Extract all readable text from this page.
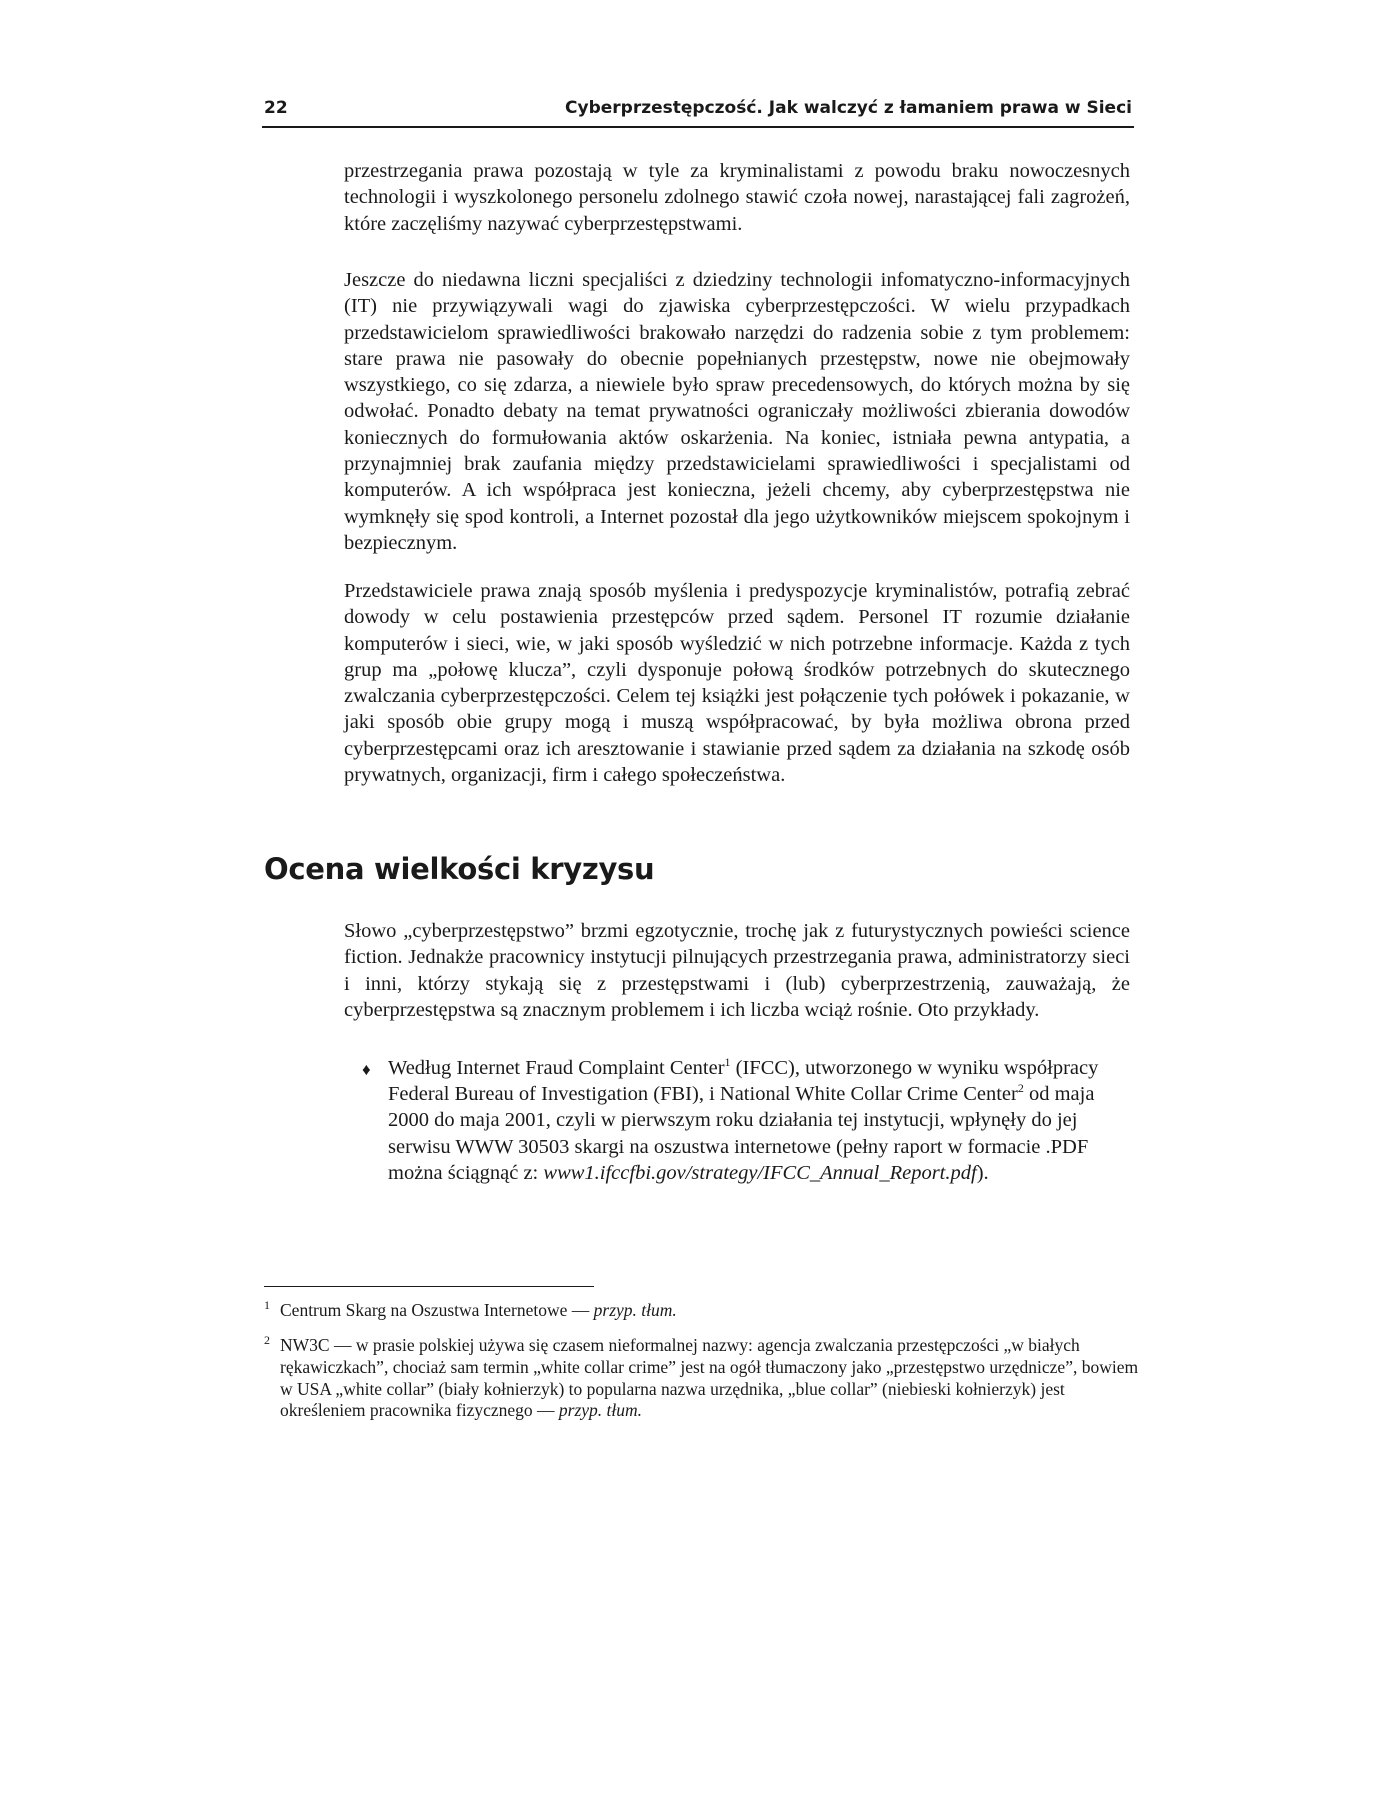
22	Cyberprzestępczość. Jak walczyć z łamaniem prawa w Sieci

przestrzegania prawa pozostają w tyle za kryminalistami z powodu braku nowoczesnych technologii i wyszkolonego personelu zdolnego stawić czoła nowej, narastającej fali zagrożeń, które zaczęliśmy nazywać cyberprzestępstwami.

Jeszcze do niedawna liczni specjaliści z dziedziny technologii infomatyczno-informacyjnych (IT) nie przywiązywali wagi do zjawiska cyberprzestępczości. W wielu przypadkach przedstawicielom sprawiedliwości brakowało narzędzi do radzenia sobie z tym problemem: stare prawa nie pasowały do obecnie popełnianych przestępstw, nowe nie obejmowały wszystkiego, co się zdarza, a niewiele było spraw precedensowych, do których można by się odwołać. Ponadto debaty na temat prywatności ograniczały możliwości zbierania dowodów koniecznych do formułowania aktów oskarżenia. Na koniec, istniała pewna antypatia, a przynajmniej brak zaufania między przedstawicielami sprawiedliwości i specjalistami od komputerów. A ich współpraca jest konieczna, jeżeli chcemy, aby cyberprzestępstwa nie wymknęły się spod kontroli, a Internet pozostał dla jego użytkowników miejscem spokojnym i bezpiecznym.

Przedstawiciele prawa znają sposób myślenia i predyspozycje kryminalistów, potrafią zebrać dowody w celu postawienia przestępców przed sądem. Personel IT rozumie działanie komputerów i sieci, wie, w jaki sposób wyśledzić w nich potrzebne informacje. Każda z tych grup ma „połowę klucza”, czyli dysponuje połową środków potrzebnych do skutecznego zwalczania cyberprzestępczości. Celem tej książki jest połączenie tych połówek i pokazanie, w jaki sposób obie grupy mogą i muszą współpracować, by była możliwa obrona przed cyberprzestępcami oraz ich aresztowanie i stawianie przed sądem za działania na szkodę osób prywatnych, organizacji, firm i całego społeczeństwa.

Ocena wielkości kryzysu

Słowo „cyberprzestępstwo” brzmi egzotycznie, trochę jak z futurystycznych powieści science fiction. Jednakże pracownicy instytucji pilnujących przestrzegania prawa, administratorzy sieci i inni, którzy stykają się z przestępstwami i (lub) cyberprzestrzenią, zauważają, że cyberprzestępstwa są znacznym problemem i ich liczba wciąż rośnie. Oto przykłady.

♦ Według Internet Fraud Complaint Center$^1$ (IFCC), utworzonego w wyniku współpracy Federal Bureau of Investigation (FBI), i National White Collar Crime Center$^2$ od maja 2000 do maja 2001, czyli w pierwszym roku działania tej instytucji, wpłynęły do jej serwisu WWW 30503 skargi na oszustwa internetowe (pełny raport w formacie .PDF można ściągnąć z: www1.ifccfbi.gov/strategy/IFCC_Annual_Report.pdf).
1 Centrum Skarg na Oszustwa Internetowe — przyp. tłum.
2 NW3C — w prasie polskiej używa się czasem nieformalnej nazwy: agencja zwalczania przestępczości „w białych rękawiczkach”, chociaż sam termin „white collar crime” jest na ogół tłumaczony jako „przestępstwo urzędnicze”, bowiem w USA „white collar” (biały kołnierzyk) to popularna nazwa urzędnika, „blue collar” (niebieski kołnierzyk) jest określeniem pracownika fizycznego — przyp. tłum.
